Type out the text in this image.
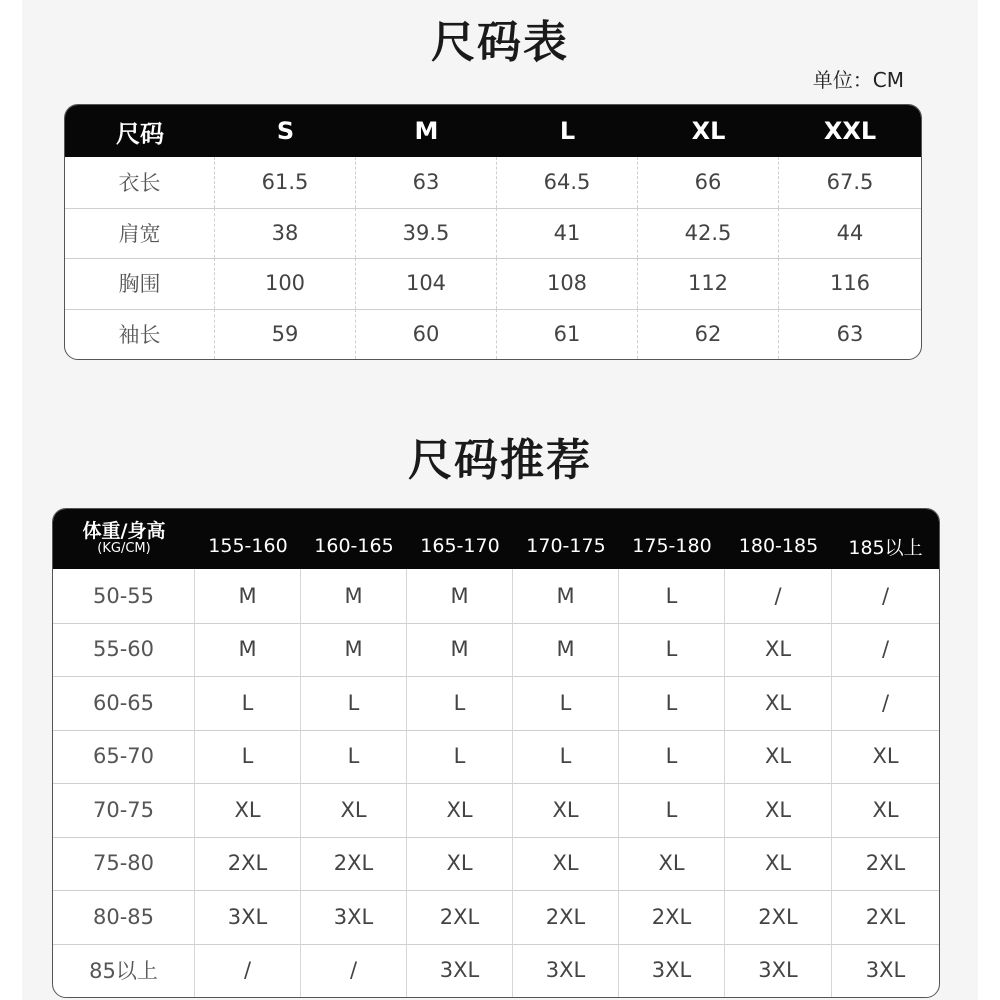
尺码表
单位：CM
尺码	S	M	L	XL	XXL
衣长	61.5	63	64.5	66	67.5
肩宽	38	39.5	41	42.5	44
胸围	100	104	108	112	116
袖长	59	60	61	62	63
尺码推荐
体重/身高
(KG/CM)	155-160	160-165	165-170	170-175	175-180	180-185	185以上
50-55	M	M	M	M	L	/	/
55-60	M	M	M	M	L	XL	/
60-65	L	L	L	L	L	XL	/
65-70	L	L	L	L	L	XL	XL
70-75	XL	XL	XL	XL	L	XL	XL
75-80	2XL	2XL	XL	XL	XL	XL	2XL
80-85	3XL	3XL	2XL	2XL	2XL	2XL	2XL
85以上	/	/	3XL	3XL	3XL	3XL	3XL
